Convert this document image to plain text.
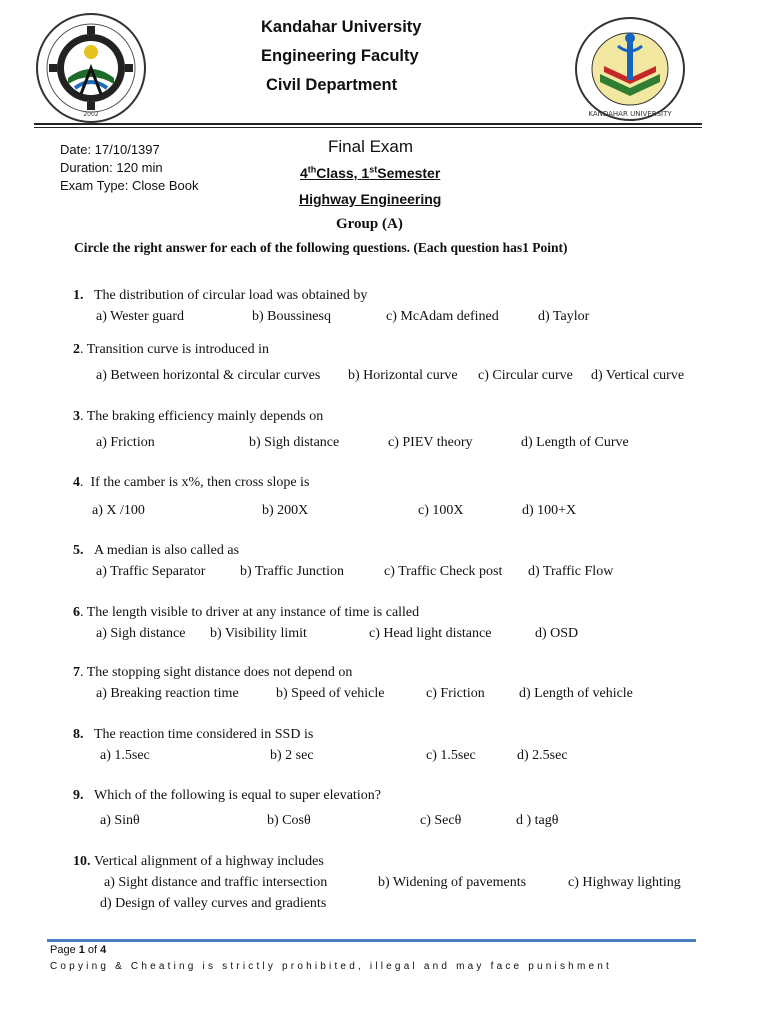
2002	KANDAHAR UNIVERSITY
Kandahar University
Engineering Faculty
Civil Department
Date: 17/10/1397
Duration: 120 min
Exam Type: Close Book
Final Exam
4thClass, 1stSemester
Highway Engineering
Group (A)
Circle the right answer for each of the following questions. (Each question has1 Point)
1. The distribution of circular load was obtained by
a) Wester guard	b) Boussinesq	c) McAdam defined	d) Taylor
2. Transition curve is introduced in
a) Between horizontal & circular curves b) Horizontal curve c) Circular curve d) Vertical curve
3. The braking efficiency mainly depends on
a) Friction	b) Sigh distance	c) PIEV theory	d) Length of Curve
4.  If the camber is x%, then cross slope is
a) X /100	b) 200X	c) 100X	d) 100+X
5. A median is also called as
a) Traffic Separator b) Traffic Junction	c) Traffic Check post d) Traffic Flow
6. The length visible to driver at any instance of time is called
a) Sigh distance b) Visibility limit	c) Head light distance	d) OSD
7. The stopping sight distance does not depend on
a) Breaking reaction time	b) Speed of vehicle	c) Friction d) Length of vehicle
8. The reaction time considered in SSD is
a) 1.5sec	b) 2 sec	c) 1.5sec	d) 2.5sec
9. Which of the following is equal to super elevation?
a) Sinθ	b) Cosθ	c) Secθ	d ) tagθ
10. Vertical alignment of a highway includes
a) Sight distance and traffic intersection	b) Widening of pavements	c) Highway lighting
d) Design of valley curves and gradients
Page 1 of 4
Copying & Cheating is strictly prohibited, illegal and may face punishment
